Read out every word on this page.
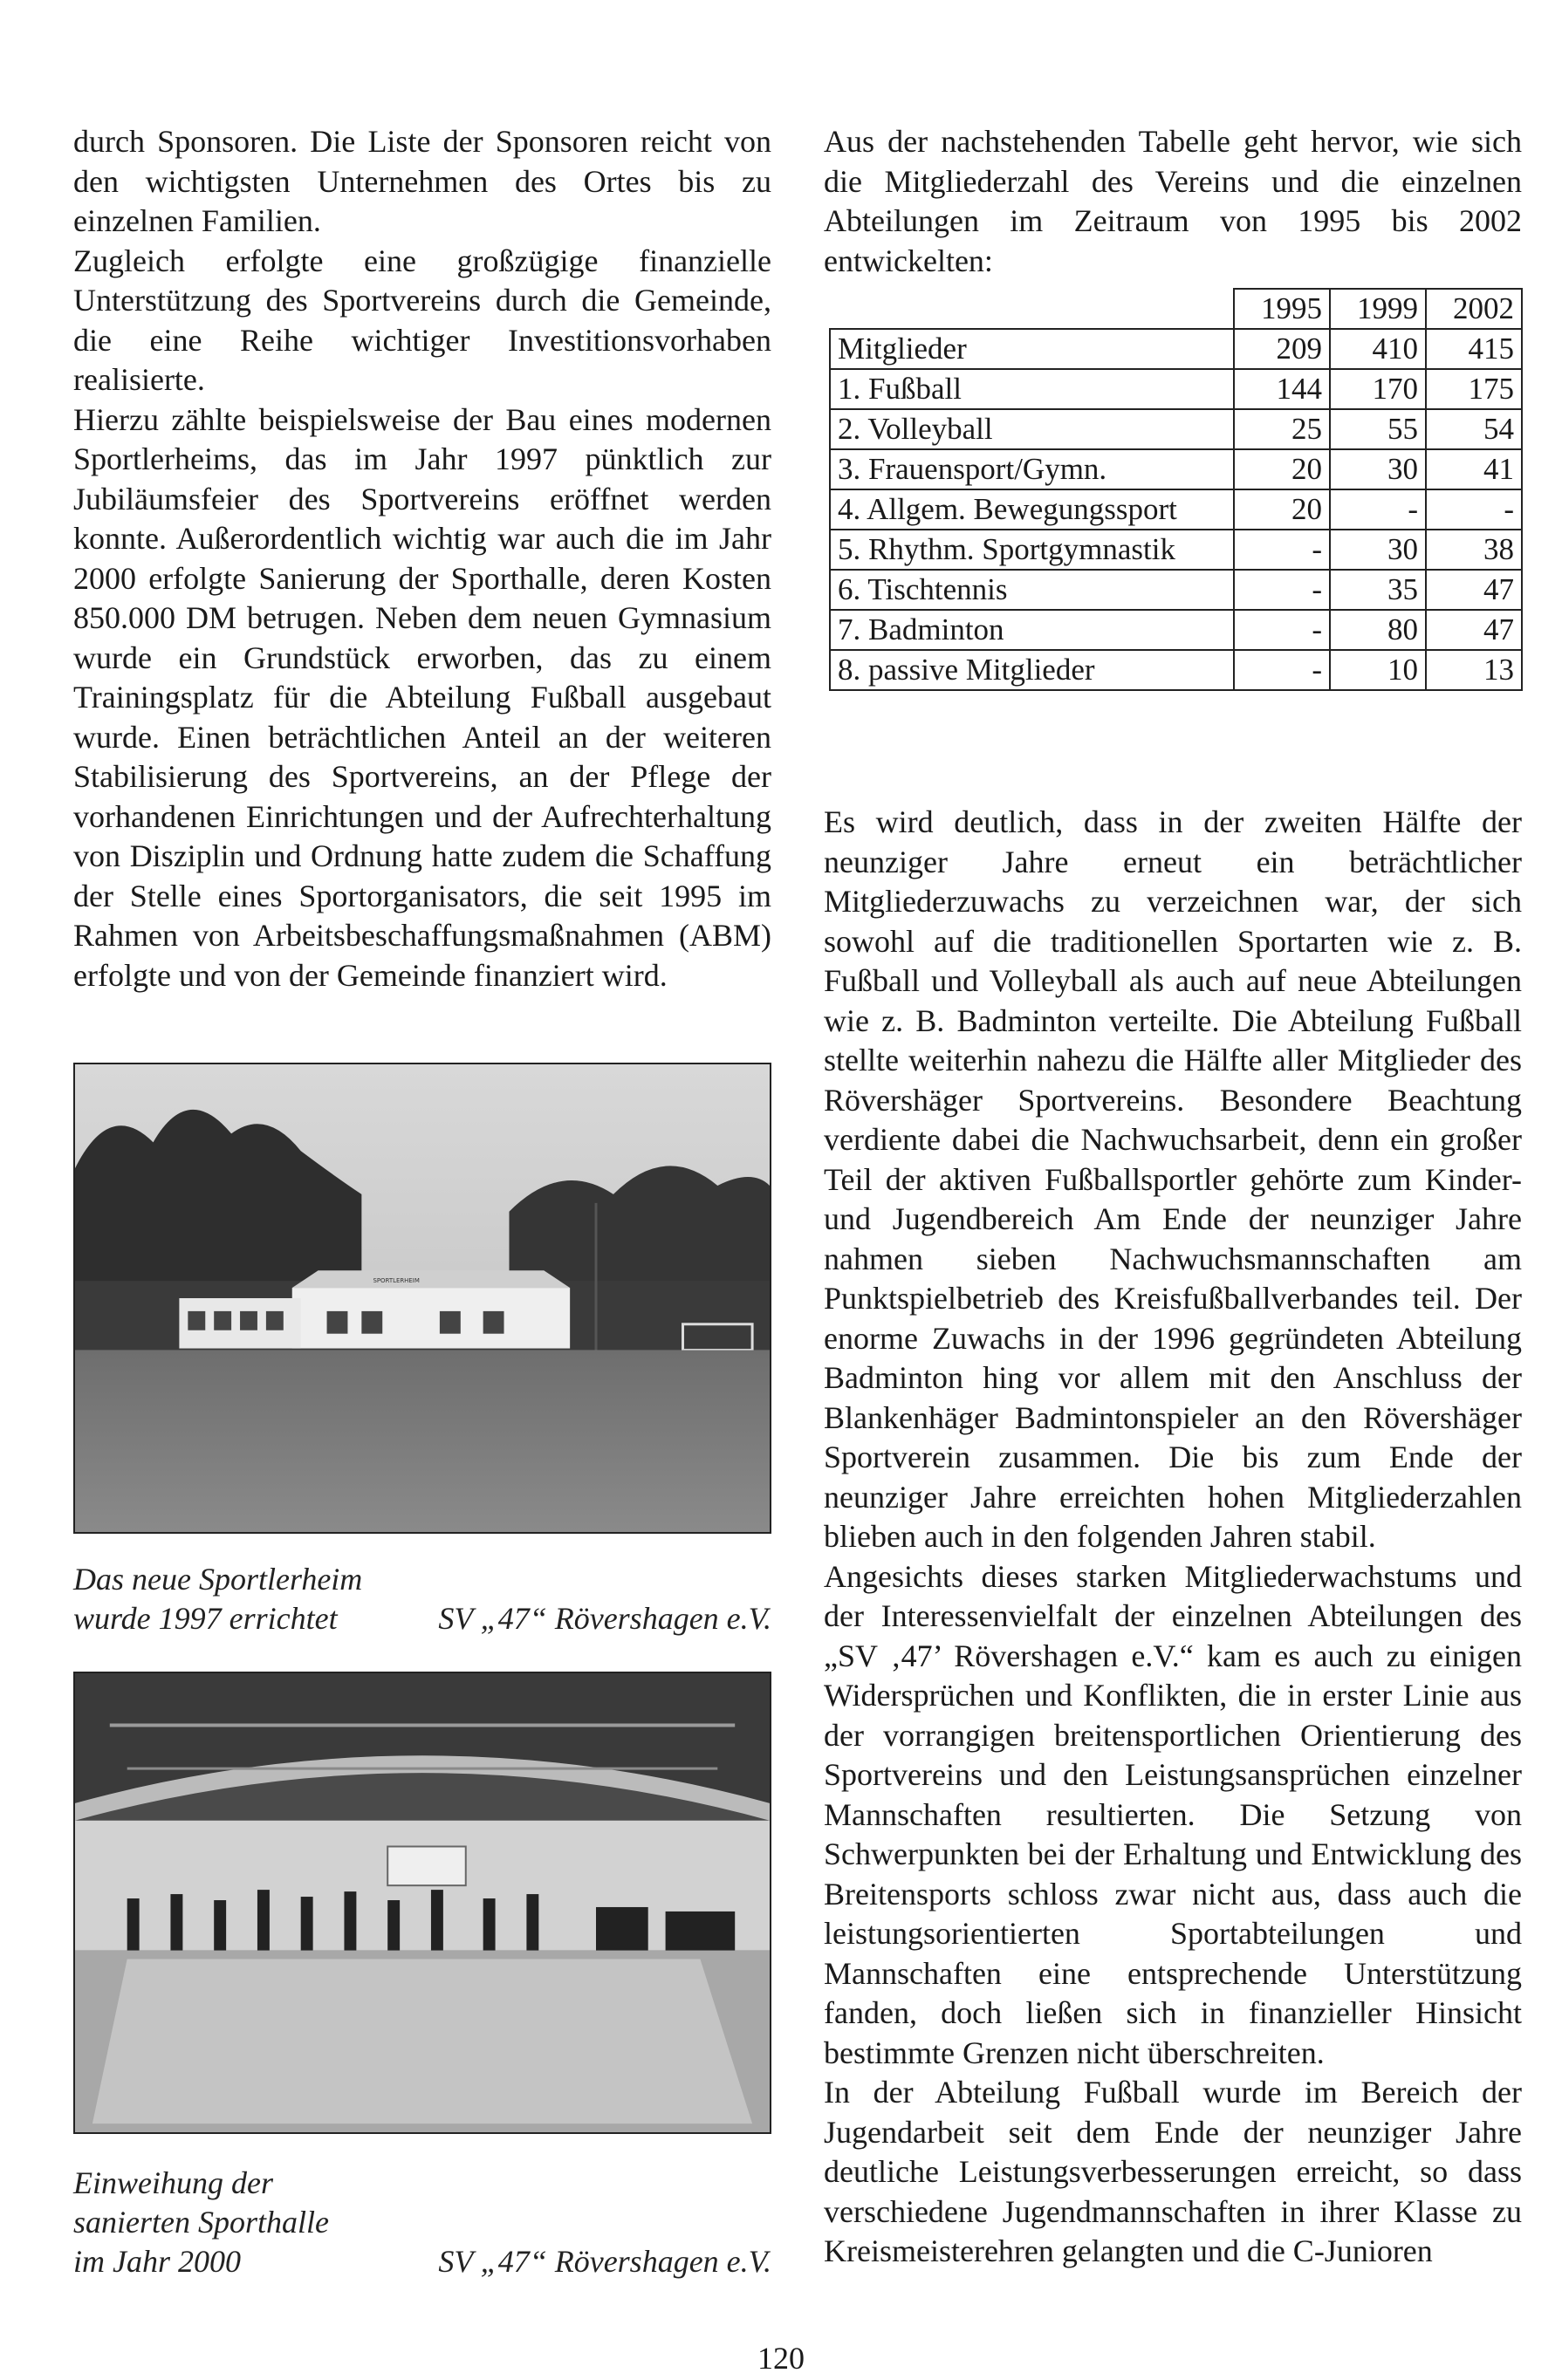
durch Sponsoren. Die Liste der Sponsoren reicht von den wichtigsten Unternehmen des Ortes bis zu einzelnen Familien.

Zugleich erfolgte eine großzügige finanzielle Unterstützung des Sportvereins durch die Gemeinde, die eine Reihe wichtiger Investitionsvorhaben realisierte.

Hierzu zählte beispielsweise der Bau eines modernen Sportlerheims, das im Jahr 1997 pünktlich zur Jubiläumsfeier des Sportvereins eröffnet werden konnte. Außerordentlich wichtig war auch die im Jahr 2000 erfolgte Sanierung der Sporthalle, deren Kosten 850.000 DM betrugen. Neben dem neuen Gymnasium wurde ein Grundstück erworben, das zu einem Trainingsplatz für die Abteilung Fußball ausgebaut wurde. Einen beträchtlichen Anteil an der weiteren Stabilisierung des Sportvereins, an der Pflege der vorhandenen Einrichtungen und der Aufrechterhaltung von Disziplin und Ordnung hatte zudem die Schaffung der Stelle eines Sportorganisators, die seit 1995 im Rahmen von Arbeitsbeschaffungsmaßnahmen (ABM) erfolgte und von der Gemeinde finanziert wird.

SPORTLERHEIM
Das neue Sportlerheim
wurde 1997 errichtet	SV „47“ Rövershagen e.V.
Einweihung der
sanierten Sporthalle
im Jahr 2000	SV „47“ Rövershagen e.V.

Aus der nachstehenden Tabelle geht hervor, wie sich die Mitgliederzahl des Vereins und die einzelnen Abteilungen im Zeitraum von 1995 bis 2002 entwickelten:

	1995	1999	2002
Mitglieder	209	410	415
1. Fußball	144	170	175
2. Volleyball	25	55	54
3. Frauensport/Gymn.	20	30	41
4. Allgem. Bewegungssport	20	-	-
5. Rhythm. Sportgymnastik	-	30	38
6. Tischtennis	-	35	47
7. Badminton	-	80	47
8. passive Mitglieder	-	10	13

Es wird deutlich, dass in der zweiten Hälfte der neunziger Jahre erneut ein beträchtlicher Mitgliederzuwachs zu verzeichnen war, der sich sowohl auf die traditionellen Sportarten wie z. B. Fußball und Volleyball als auch auf neue Abteilungen wie z. B. Badminton verteilte. Die Abteilung Fußball stellte weiterhin nahezu die Hälfte aller Mitglieder des Rövershäger Sportvereins. Besondere Beachtung verdiente dabei die Nachwuchsarbeit, denn ein großer Teil der aktiven Fußballsportler gehörte zum Kinder- und Jugendbereich Am Ende der neunziger Jahre nahmen sieben Nachwuchsmannschaften am Punktspielbetrieb des Kreisfußballverbandes teil. Der enorme Zuwachs in der 1996 gegründeten Abteilung Badminton hing vor allem mit den Anschluss der Blankenhäger Badmintonspieler an den Rövershäger Sportverein zusammen. Die bis zum Ende der neunziger Jahre erreichten hohen Mitgliederzahlen blieben auch in den folgenden Jahren stabil.

Angesichts dieses starken Mitgliederwachstums und der Interessenvielfalt der einzelnen Abteilungen des „SV ‚47’ Rövershagen e.V.“ kam es auch zu einigen Widersprüchen und Konflikten, die in erster Linie aus der vorrangigen breitensportlichen Orientierung des Sportvereins und den Leistungsansprüchen einzelner Mannschaften resultierten. Die Setzung von Schwerpunkten bei der Erhaltung und Entwicklung des Breitensports schloss zwar nicht aus, dass auch die leistungsorientierten Sportabteilungen und Mannschaften eine entsprechende Unterstützung fanden, doch ließen sich in finanzieller Hinsicht bestimmte Grenzen nicht überschreiten.

In der Abteilung Fußball wurde im Bereich der Jugendarbeit seit dem Ende der neunziger Jahre deutliche Leistungsverbesserungen erreicht, so dass verschiedene Jugendmannschaften in ihrer Klasse zu Kreismeisterehren gelangten und die C-Junioren

120
